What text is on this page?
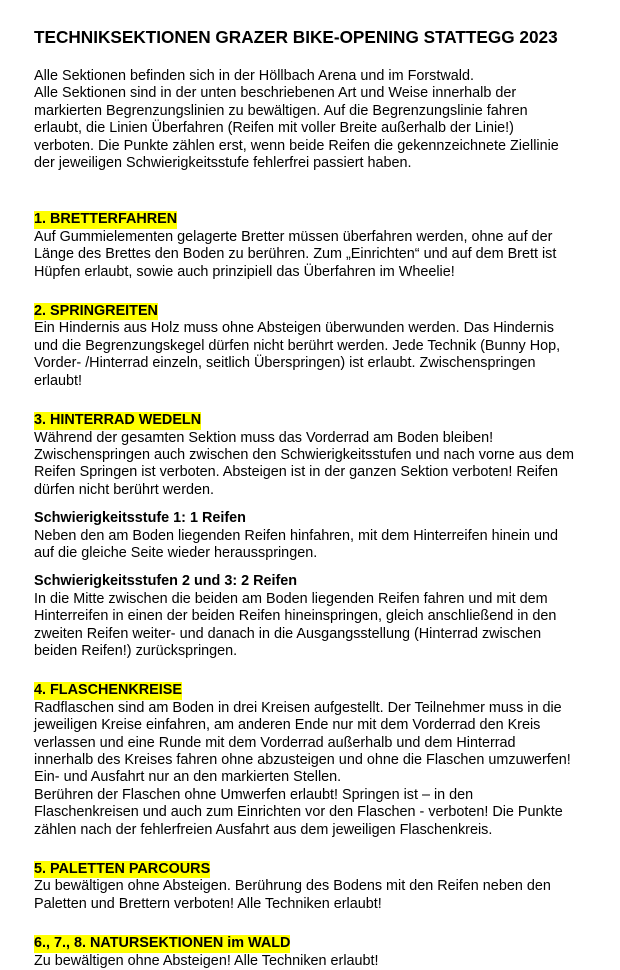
TECHNIKSEKTIONEN GRAZER BIKE-OPENING STATTEGG 2023
Alle Sektionen befinden sich in der Höllbach Arena und im Forstwald.
Alle Sektionen sind in der unten beschriebenen Art und Weise innerhalb der
markierten Begrenzungslinien zu bewältigen. Auf die Begrenzungslinie fahren
erlaubt, die Linien Überfahren (Reifen mit voller Breite außerhalb der Linie!)
verboten. Die Punkte zählen erst, wenn beide Reifen die gekennzeichnete Ziellinie
der jeweiligen Schwierigkeitsstufe fehlerfrei passiert haben.
1. BRETTERFAHREN
Auf Gummielementen gelagerte Bretter müssen überfahren werden, ohne auf der
Länge des Brettes den Boden zu berühren. Zum „Einrichten“ und auf dem Brett ist
Hüpfen erlaubt, sowie auch prinzipiell das Überfahren im Wheelie!
2. SPRINGREITEN
Ein Hindernis aus Holz muss ohne Absteigen überwunden werden. Das Hindernis
und die Begrenzungskegel dürfen nicht berührt werden. Jede Technik (Bunny Hop,
Vorder- /Hinterrad einzeln, seitlich Überspringen) ist erlaubt. Zwischenspringen
erlaubt!
3. HINTERRAD WEDELN
Während der gesamten Sektion muss das Vorderrad am Boden bleiben!
Zwischenspringen auch zwischen den Schwierigkeitsstufen und nach vorne aus dem
Reifen Springen ist verboten. Absteigen ist in der ganzen Sektion verboten! Reifen
dürfen nicht berührt werden.
Schwierigkeitsstufe 1: 1 Reifen
Neben den am Boden liegenden Reifen hinfahren, mit dem Hinterreifen hinein und
auf die gleiche Seite wieder herausspringen.
Schwierigkeitsstufen 2 und 3: 2 Reifen
In die Mitte zwischen die beiden am Boden liegenden Reifen fahren und mit dem
Hinterreifen in einen der beiden Reifen hineinspringen, gleich anschließend in den
zweiten Reifen weiter- und danach in die Ausgangsstellung (Hinterrad zwischen
beiden Reifen!) zurückspringen.
4. FLASCHENKREISE
Radflaschen sind am Boden in drei Kreisen aufgestellt. Der Teilnehmer muss in die
jeweiligen Kreise einfahren, am anderen Ende nur mit dem Vorderrad den Kreis
verlassen und eine Runde mit dem Vorderrad außerhalb und dem Hinterrad
innerhalb des Kreises fahren ohne abzusteigen und ohne die Flaschen umzuwerfen!
Ein- und Ausfahrt nur an den markierten Stellen.
Berühren der Flaschen ohne Umwerfen erlaubt! Springen ist – in den
Flaschenkreisen und auch zum Einrichten vor den Flaschen - verboten! Die Punkte
zählen nach der fehlerfreien Ausfahrt aus dem jeweiligen Flaschenkreis.
5. PALETTEN PARCOURS
Zu bewältigen ohne Absteigen. Berührung des Bodens mit den Reifen neben den
Paletten und Brettern verboten! Alle Techniken erlaubt!
6., 7., 8. NATURSEKTIONEN im WALD
Zu bewältigen ohne Absteigen! Alle Techniken erlaubt!
